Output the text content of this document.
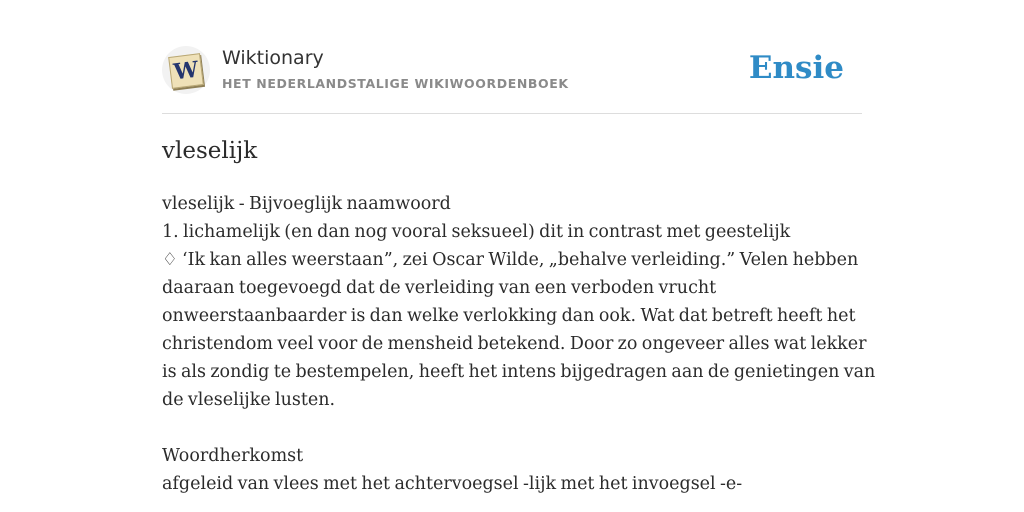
W Wiktionary
HET NEDERLANDSTALIGE WIKIWOORDENBOEK	Ensie
vleselijk
vleselijk - Bijvoeglijk naamwoord
1. lichamelijk (en dan nog vooral seksueel) dit in contrast met geestelijk
♢ ‘Ik kan alles weerstaan”, zei Oscar Wilde, „behalve verleiding.” Velen hebben
daaraan toegevoegd dat de verleiding van een verboden vrucht
onweerstaanbaarder is dan welke verlokking dan ook. Wat dat betreft heeft het
christendom veel voor de mensheid betekend. Door zo ongeveer alles wat lekker
is als zondig te bestempelen, heeft het intens bijgedragen aan de genietingen van
de vleselijke lusten.
Woordherkomst
afgeleid van vlees met het achtervoegsel -lijk met het invoegsel -e-
